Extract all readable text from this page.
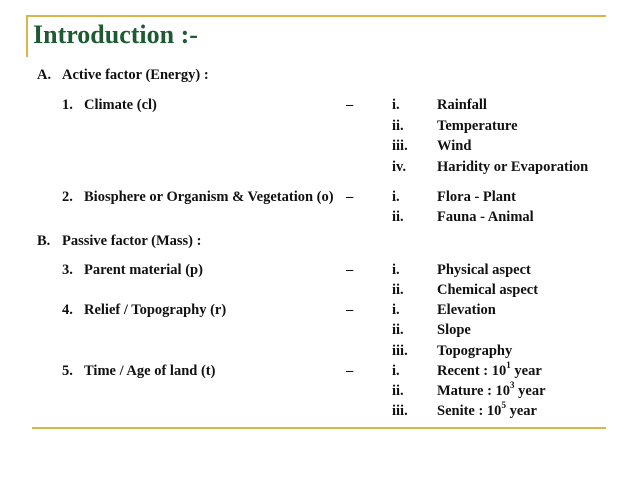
Introduction :-
A. Active factor (Energy) :
1. Climate (cl)	–	i.	Rainfall
ii. Temperature
iii. Wind
iv. Haridity or Evaporation
2. Biosphere or Organism & Vegetation (o) –	i.	Flora - Plant
ii. Fauna - Animal
B. Passive factor (Mass) :
3. Parent material (p)	–	i.	Physical aspect
ii. Chemical aspect
4. Relief / Topography (r)	–	i.	Elevation
ii. Slope
iii. Topography
5. Time / Age of land (t)	–	i.	Recent : $10^1$ year
ii. Mature : $10^3$ year
iii. Senite : $10^5$ year
